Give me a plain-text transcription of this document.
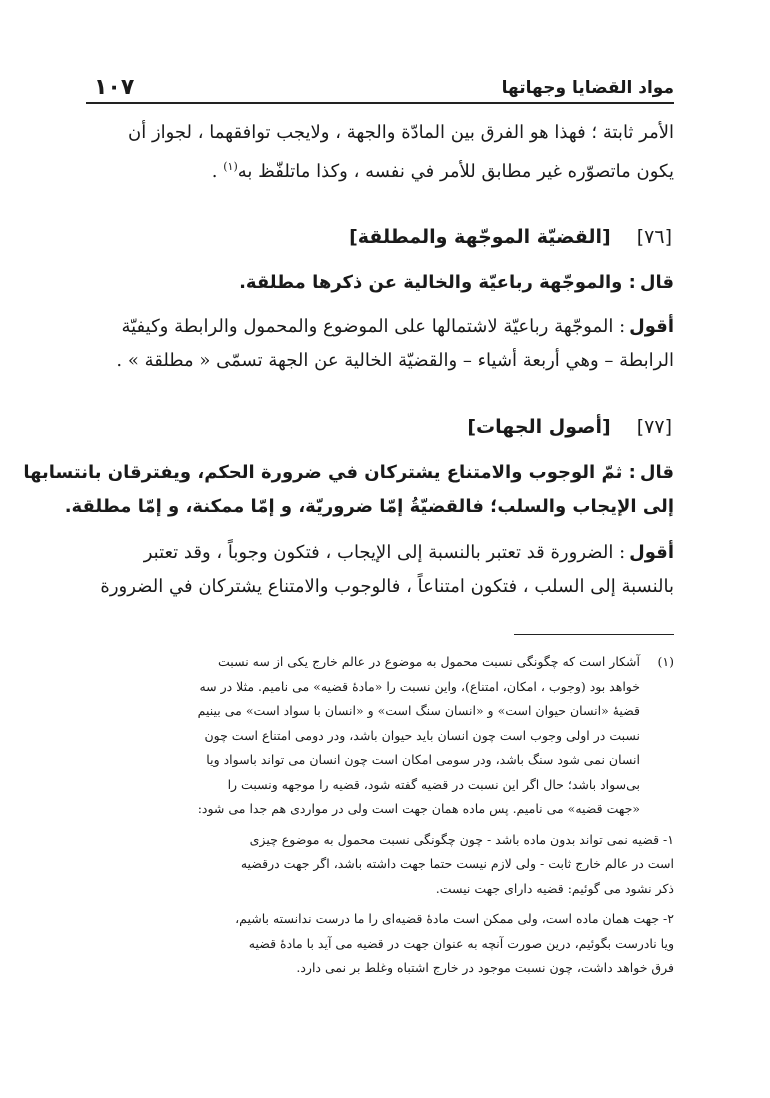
مواد القضايا وجهاتها
١٠٧
الأمر ثابتة ؛ فهذا هو الفرق بين المادّة والجهة ، ولايجب توافقهما ، لجواز أن
يكون ماتصوّره غير مطابق للأمر في نفسه ، وكذا ماتلفّظ به$^{(١)}$ .
[٧٦][القضيّة الموجّهة والمطلقة]
قال: والموجّهة رباعيّة والخالية عن ذكرها مطلقة.
أقول: الموجّهة رباعيّة لاشتمالها على الموضوع والمحمول والرابطة وكيفيّة
الرابطة – وهي أربعة أشياء – والقضيّة الخالية عن الجهة تسمّى « مطلقة » .
[٧٧][أصول الجهات]
قال: ثمّ الوجوب والامتناع يشتركان في ضرورة الحكم، ويفترقان بانتسابها
إلى الإيجاب والسلب؛ فالقضيّةُ إمّا ضروريّة، و إمّا ممكنة، و إمّا مطلقة.
أقول: الضرورة قد تعتبر بالنسبة إلى الإيجاب ، فتكون وجوباً ، وقد تعتبر
بالنسبة إلى السلب ، فتكون امتناعاً ، فالوجوب والامتناع يشتركان في الضرورة
(١)
آشكار است كه چگونگى نسبت محمول به موضوع در عالم خارج يكى از سه نسبت
خواهد بود (وجوب ، امكان، امتناع)، واين نسبت را «مادهٔ قضيه» مى ناميم. مثلا در سه
قضيهٔ «انسان حيوان است» و «انسان سنگ است» و «انسان با سواد است» مى بينيم
نسبت در اولى وجوب است چون انسان بايد حيوان باشد، ودر دومى امتناع است چون
انسان نمى شود سنگ باشد، ودر سومى امكان است چون انسان مى تواند باسواد ويا
بى‌سواد باشد؛ حال اگر اين نسبت در قضيه گفته شود، قضيه را موجهه ونسبت را
«جهت قضيه» مى ناميم. پس ماده همان جهت است ولى در مواردى هم جدا مى شود:
١- قضيه نمى تواند بدون ماده باشد - چون چگونگى نسبت محمول به موضوع چيزى
است در عالم خارج ثابت - ولى لازم نيست حتما جهت داشته باشد، اگر جهت درقضيه
ذكر نشود مى گوئيم: قضيه داراى جهت نيست.
٢- جهت همان ماده است، ولى ممكن است مادهٔ قضيه‌اى را ما درست ندانسته باشيم،
ويا نادرست بگوئيم، درين صورت آنچه به عنوان جهت در قضيه مى آيد با مادهٔ قضيه
فرق خواهد داشت، چون نسبت موجود در خارج اشتباه وغلط بر نمى دارد.
